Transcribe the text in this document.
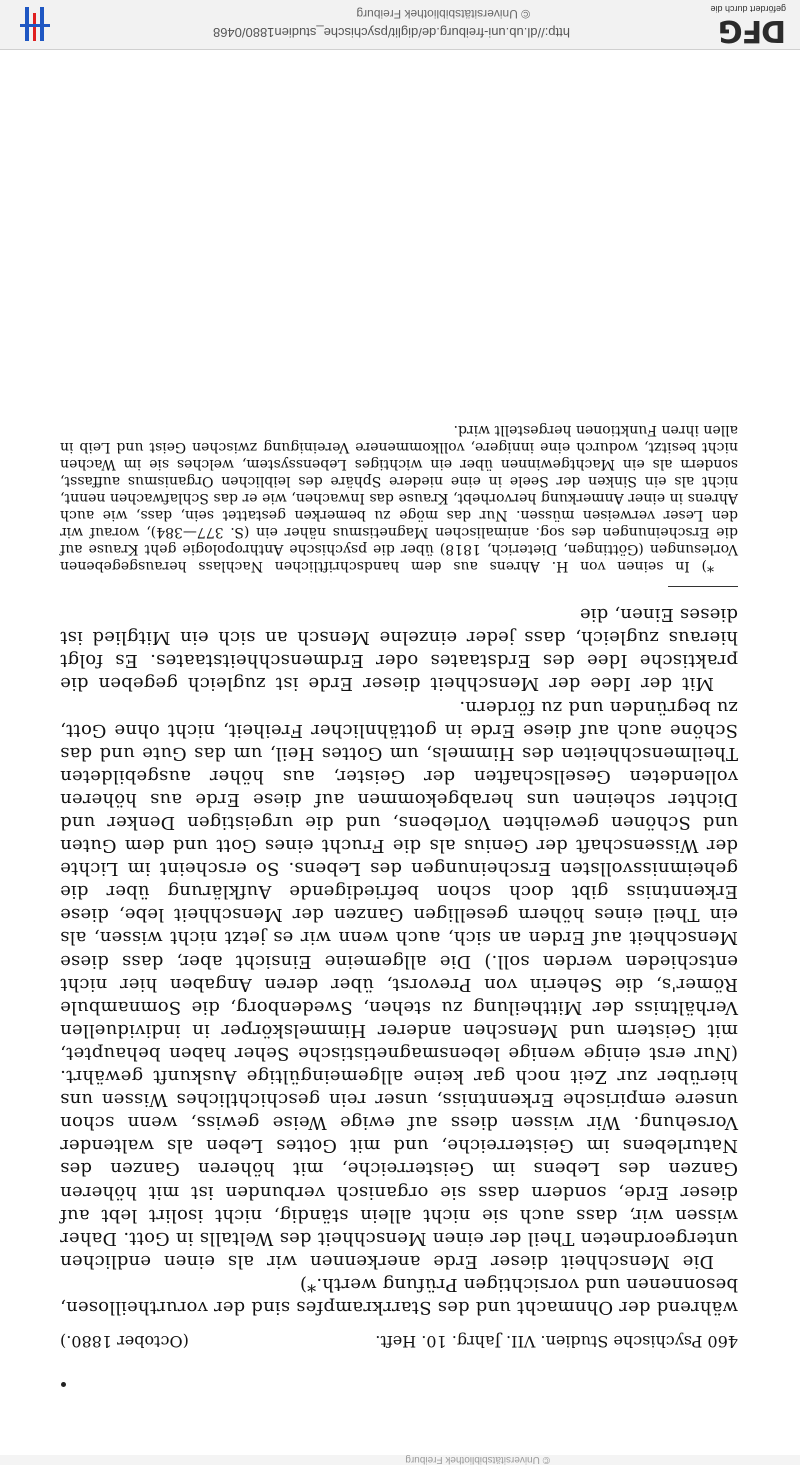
DFG
gefördert durch die
http://dl.ub.uni-freiburg.de/diglit/psychische_studien1880/0468
© Universitätsbibliothek Freiburg
460 Psychische Studien. VII. Jahrg. 10. Heft.
(October 1880.)

während der Ohnmacht und des Starrkrampfes sind der vorurtheillosen, besonnenen und vorsichtigen Prüfung werth.*)

Die Menschheit dieser Erde anerkennen wir als einen endlichen untergeordneten Theil der einen Menschheit des Weltalls in Gott. Daher wissen wir, dass auch sie nicht allein ständig, nicht isolirt lebt auf dieser Erde, sondern dass sie organisch verbunden ist mit höheren Ganzen des Lebens im Geisterreiche, mit höheren Ganzen des Naturlebens im Geisterreiche, und mit Gottes Leben als waltender Vorsehung. Wir wissen diess auf ewige Weise gewiss, wenn schon unsere empirische Erkenntniss, unser rein geschichtliches Wissen uns hierüber zur Zeit noch gar keine allgemeingültige Auskunft gewährt. (Nur erst einige wenige lebensmagnetistische Seher haben behauptet, mit Geistern und Menschen anderer Himmelskörper in individuellen Verhältniss der Mittheilung zu stehen, Swedenborg, die Somnambule Römer's, die Seherin von Prevorst, über deren Angaben hier nicht entschieden werden soll.) Die allgemeine Einsicht aber, dass diese Menschheit auf Erden an sich, auch wenn wir es jetzt nicht wissen, als ein Theil eines höhern geselligen Ganzen der Menschheit lebe, diese Erkenntniss gibt doch schon befriedigende Aufklärung über die geheimnissvollsten Erscheinungen des Lebens. So erscheint im Lichte der Wissenschaft der Genius als die Frucht eines Gott und dem Guten und Schönen geweihten Vorlebens, und die urgeistigen Denker und Dichter scheinen uns herabgekommen auf diese Erde aus höheren vollendeten Gesellschaften der Geister, aus höher ausgebildeten Theilmenschheiten des Himmels, um Gottes Heil, um das Gute und das Schöne auch auf diese Erde in gottähnlicher Freiheit, nicht ohne Gott, zu begründen und zu fördern.

Mit der Idee der Menschheit dieser Erde ist zugleich gegeben die praktische Idee des Erdstaates oder Erdmenschheitstaates. Es folgt hieraus zugleich, dass jeder einzelne Mensch an sich ein Mitglied ist dieses Einen, die

*) In seinen von H. Ahrens aus dem handschriftlichen Nachlass herausgegebenen Vorlesungen (Göttingen, Dieterich, 1818) über die psychische Anthropologie geht Krause auf die Erscheinungen des sog. animalischen Magnetismus näher ein (S. 377—384), worauf wir den Leser verweisen müssen. Nur das möge zu bemerken gestattet sein, dass, wie auch Ahrens in einer Anmerkung hervorhebt, Krause das Inwachen, wie er das Schlafwachen nennt, nicht als ein Sinken der Seele in eine niedere Sphäre des leiblichen Organismus auffasst, sondern als ein Machtgewinnen über ein wichtiges Lebenssystem, welches sie im Wachen nicht besitzt, wodurch eine innigere, vollkommenere Vereinigung zwischen Geist und Leib in allen ihren Funktionen hergestellt wird.

© Universitätsbibliothek Freiburg
